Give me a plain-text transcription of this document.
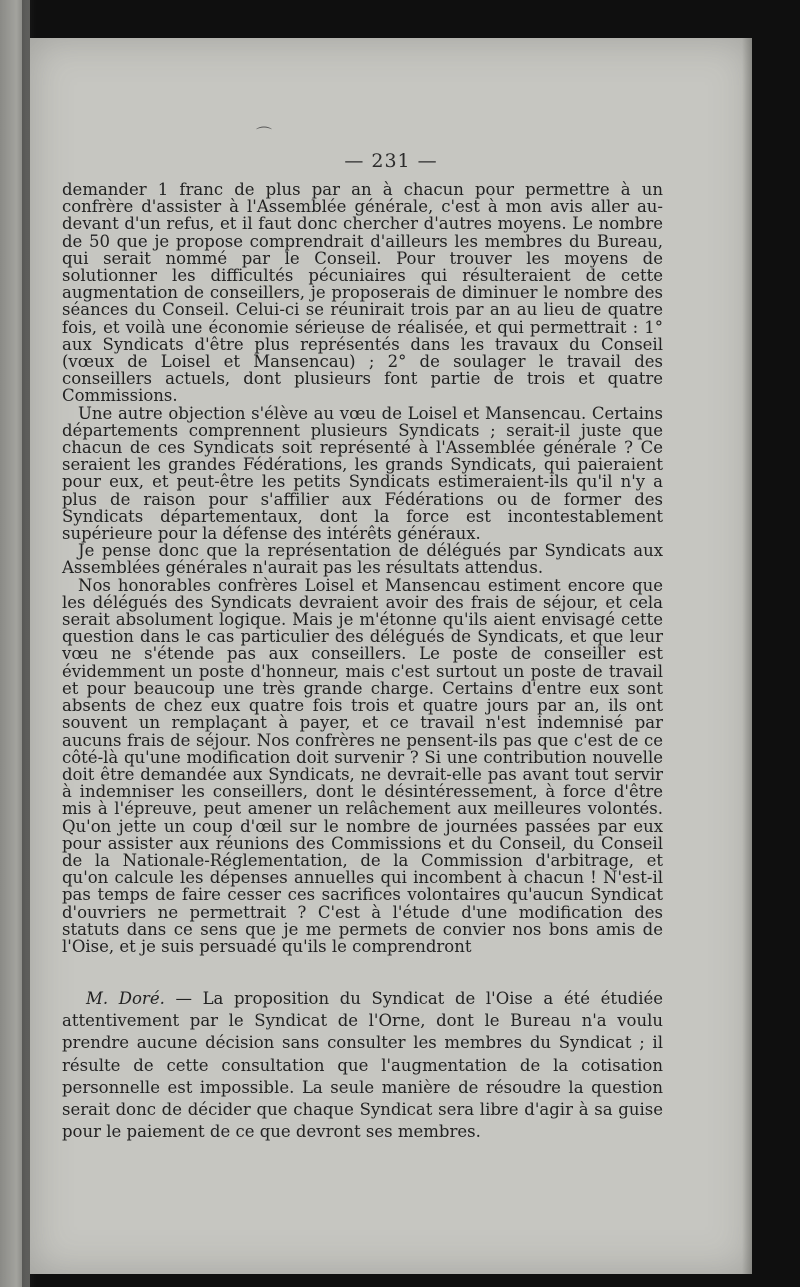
⌒
— 231 —

demander 1 franc de plus par an à chacun pour permettre à un confrère d'assister à l'Assemblée générale, c'est à mon avis aller au-devant d'un refus, et il faut donc chercher d'autres moyens. Le nombre de 50 que je propose comprendrait d'ailleurs les membres du Bureau, qui serait nommé par le Conseil. Pour trouver les moyens de solutionner les difficultés pécuniaires qui résulteraient de cette augmentation de conseillers, je proposerais de diminuer le nombre des séances du Conseil. Celui-ci se réunirait trois par an au lieu de quatre fois, et voilà une économie sérieuse de réalisée, et qui permettrait : 1° aux Syndicats d'être plus représentés dans les travaux du Conseil (vœux de Loisel et Mansencau) ; 2° de soulager le travail des conseillers actuels, dont plusieurs font partie de trois et quatre Commissions.

Une autre objection s'élève au vœu de Loisel et Mansencau. Certains départements comprennent plusieurs Syndicats ; serait-il juste que chacun de ces Syndicats soit représenté à l'Assemblée générale ? Ce seraient les grandes Fédérations, les grands Syndicats, qui paieraient pour eux, et peut-être les petits Syndicats estimeraient-ils qu'il n'y a plus de raison pour s'affilier aux Fédérations ou de former des Syndicats départementaux, dont la force est incontestablement supérieure pour la défense des intérêts généraux.

Je pense donc que la représentation de délégués par Syndicats aux Assemblées générales n'aurait pas les résultats attendus.

Nos honorables confrères Loisel et Mansencau estiment encore que les délégués des Syndicats devraient avoir des frais de séjour, et cela serait absolument logique. Mais je m'étonne qu'ils aient envisagé cette question dans le cas particulier des délégués de Syndicats, et que leur vœu ne s'étende pas aux conseillers. Le poste de conseiller est évidemment un poste d'honneur, mais c'est surtout un poste de travail et pour beaucoup une très grande charge. Certains d'entre eux sont absents de chez eux quatre fois trois et quatre jours par an, ils ont souvent un remplaçant à payer, et ce travail n'est indemnisé par aucuns frais de séjour. Nos confrères ne pensent-ils pas que c'est de ce côté-là qu'une modification doit survenir ? Si une contribution nouvelle doit être demandée aux Syndicats, ne devrait-elle pas avant tout servir à indemniser les conseillers, dont le désintéressement, à force d'être mis à l'épreuve, peut amener un relâchement aux meilleures volontés. Qu'on jette un coup d'œil sur le nombre de journées passées par eux pour assister aux réunions des Commissions et du Conseil, du Conseil de la Nationale-Réglementation, de la Commission d'arbitrage, et qu'on calcule les dépenses annuelles qui incombent à chacun ! N'est-il pas temps de faire cesser ces sacrifices volontaires qu'aucun Syndicat d'ouvriers ne permettrait ? C'est à l'étude d'une modification des statuts dans ce sens que je me permets de convier nos bons amis de l'Oise, et je suis persuadé qu'ils le comprendront

M. Doré. — La proposition du Syndicat de l'Oise a été étudiée attentivement par le Syndicat de l'Orne, dont le Bureau n'a voulu prendre aucune décision sans consulter les membres du Syndicat ; il résulte de cette consultation que l'augmentation de la cotisation personnelle est impossible. La seule manière de résoudre la question serait donc de décider que chaque Syndicat sera libre d'agir à sa guise pour le paiement de ce que devront ses membres.
